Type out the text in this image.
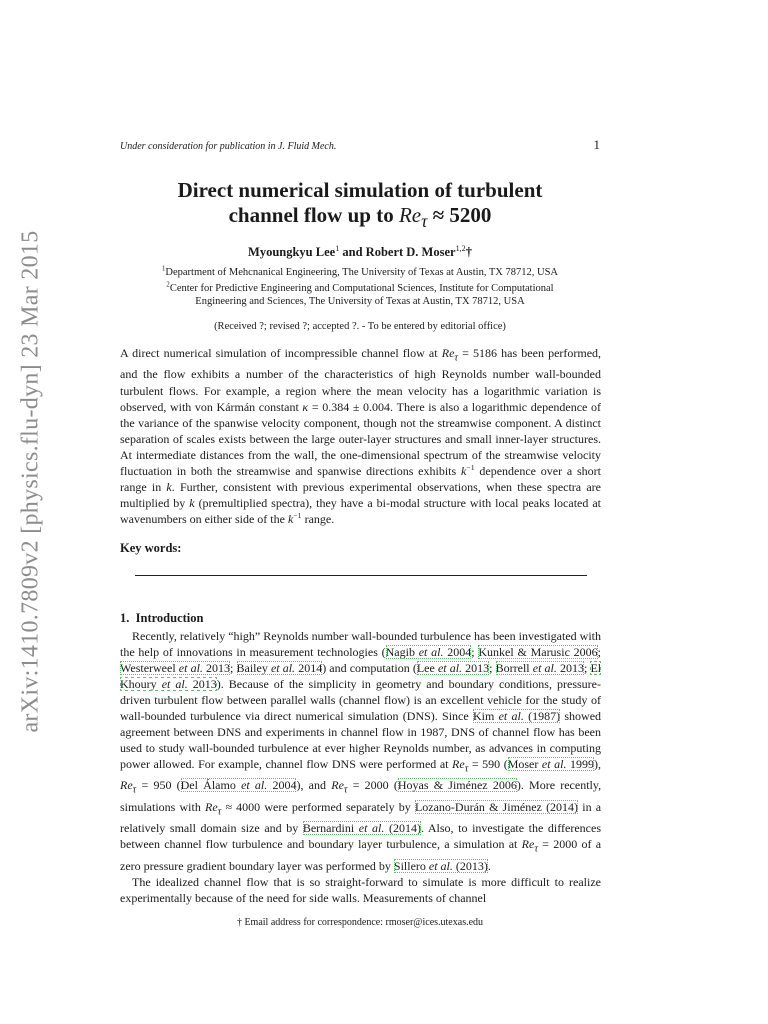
arXiv:1410.7809v2 [physics.flu-dyn] 23 Mar 2015
Under consideration for publication in J. Fluid Mech.	1
Direct numerical simulation of turbulent
channel flow up to $Re_\tau \approx 5200$
Myoungkyu Lee$^1$ and Robert D. Moser$^{1,2}$†

$^1$Department of Mehcnanical Engineering, The University of Texas at Austin, TX 78712, USA

$^2$Center for Predictive Engineering and Computational Sciences, Institute for Computational
Engineering and Sciences, The University of Texas at Austin, TX 78712, USA

(Received ?; revised ?; accepted ?. - To be entered by editorial office)

A direct numerical simulation of incompressible channel flow at $Re_\tau = 5186$ has been performed, and the flow exhibits a number of the characteristics of high Reynolds number wall-bounded turbulent flows. For example, a region where the mean velocity has a logarithmic variation is observed, with von Kármán constant κ = 0.384 ± 0.004. There is also a logarithmic dependence of the variance of the spanwise velocity component, though not the streamwise component. A distinct separation of scales exists between the large outer-layer structures and small inner-layer structures. At intermediate distances from the wall, the one-dimensional spectrum of the streamwise velocity fluctuation in both the streamwise and spanwise directions exhibits $k^{-1}$ dependence over a short range in k. Further, consistent with previous experimental observations, when these spectra are multiplied by k (premultiplied spectra), they have a bi-modal structure with local peaks located at wavenumbers on either side of the $k^{-1}$ range.

Key words:

1. Introduction

Recently, relatively “high” Reynolds number wall-bounded turbulence has been investigated with the help of innovations in measurement technologies (Nagib et al. 2004; Kunkel & Marusic 2006; Westerweel et al. 2013; Bailey et al. 2014) and computation (Lee et al. 2013; Borrell et al. 2013; El Khoury et al. 2013). Because of the simplicity in geometry and boundary conditions, pressure-driven turbulent flow between parallel walls (channel flow) is an excellent vehicle for the study of wall-bounded turbulence via direct numerical simulation (DNS). Since Kim et al. (1987) showed agreement between DNS and experiments in channel flow in 1987, DNS of channel flow has been used to study wall-bounded turbulence at ever higher Reynolds number, as advances in computing power allowed. For example, channel flow DNS were performed at $Re_\tau = 590$ (Moser et al. 1999), $Re_\tau = 950$ (Del Álamo et al. 2004), and $Re_\tau = 2000$ (Hoyas & Jiménez 2006). More recently, simulations with $Re_\tau \approx 4000$ were performed separately by Lozano-Durán & Jiménez (2014) in a relatively small domain size and by Bernardini et al. (2014). Also, to investigate the differences between channel flow turbulence and boundary layer turbulence, a simulation at $Re_\tau = 2000$ of a zero pressure gradient boundary layer was performed by Sillero et al. (2013).

The idealized channel flow that is so straight-forward to simulate is more difficult to realize experimentally because of the need for side walls. Measurements of channel

† Email address for correspondence: rmoser@ices.utexas.edu
